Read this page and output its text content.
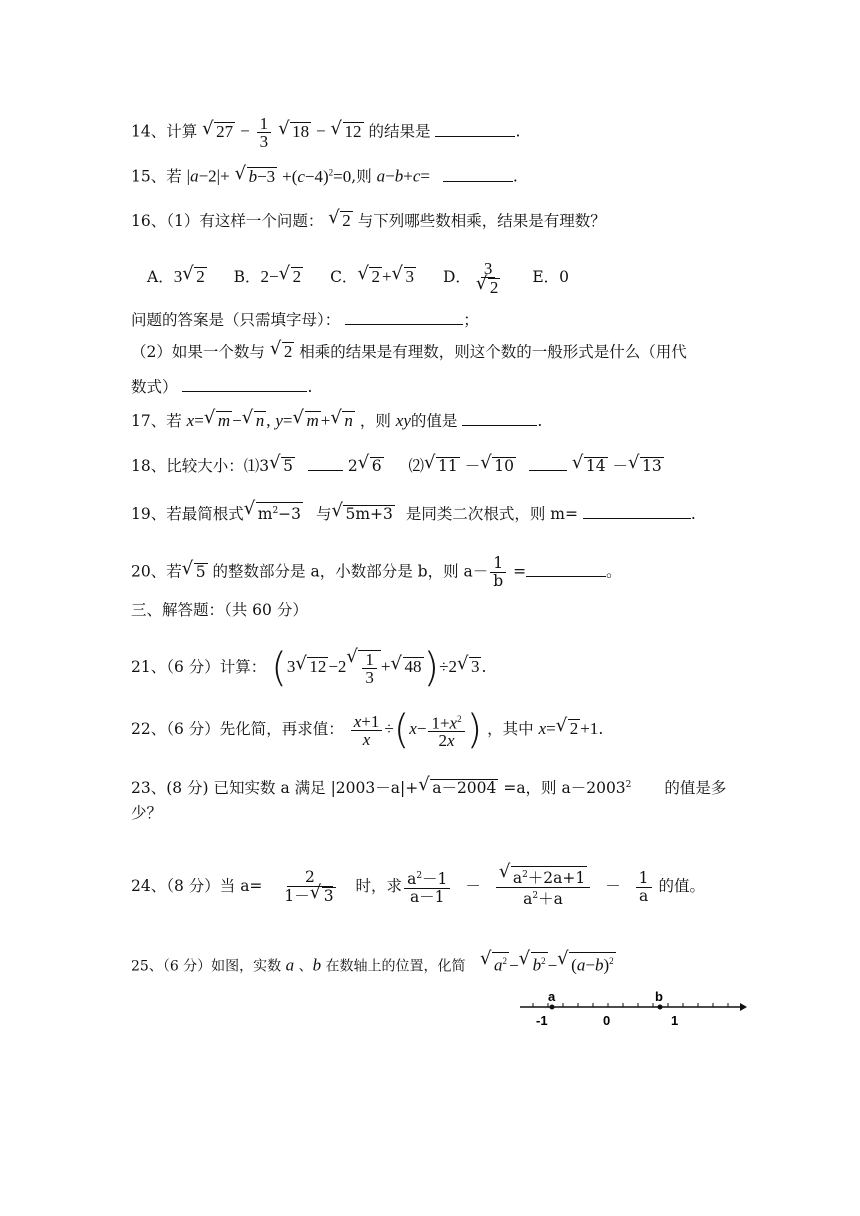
14、计算 √ $27 - \frac{1}{3}$ √ 18 − √ 12 的结果是	.
15、若 |a−2|+ √ $b-3 +(c-4)^2=0$,则 a−b+c=	.
16、（1）有这样一个问题： √ 2 与下列哪些数相乘，结果是有理数？
A．3 √ 2 B．2− √ 2 C． √ 2 + √ 3 D． 3
√ 2 E．0
问题的答案是（只需填字母）：	；
（2）如果一个数与 √ 2 相乘的结果是有理数，则这个数的一般形式是什么（用代
数式）	.
17、若 x= √ m − √ n , y= √ m + √ n ，则 xy的值是	.
18、比较大小：⑴3 √ 5	2 √ 6 ⑵ √ 11 － √ 10	√ 14 － √ 13
19、若最简根式 √ $m^2-3$ 与 √ 5m+3 是同类二次根式，则 m=	.
20、若 √ 5 的整数部分是 a，小数部分是 b，则 $a- \frac{1}{b}$ =	。
三、解答题：（共 60 分）
21、（6 分）计算： (3 √ 12 −2 √ $\frac{1}{3}$ + √ 48)÷2 √ 3 .
22、（6 分）先化简，再求值： $\frac{x+1}{x} \div(x- \frac{1+x^2}{2x}$ ) ，其中 x= √ 2 +1.
23、(8 分) 已知实数 a 满足 |2003－a|+ √ a－2004 =a，则 $a-2003^2$ 的值是多
少？
24、（8 分）当 $a= \frac{2}{1- √ 3}$ 时，求 $\frac{a^2-1}{a-1}$ － √ $\frac{a^2+2a+1}{a^2+a} - \frac{1}{a}$ 的值。
25、（6 分）如图，实数 a 、b 在数轴上的位置，化简 √ $a^2$ − √ $b^2$ − √ $(a-b)^2$
a	b
-1	0	1
